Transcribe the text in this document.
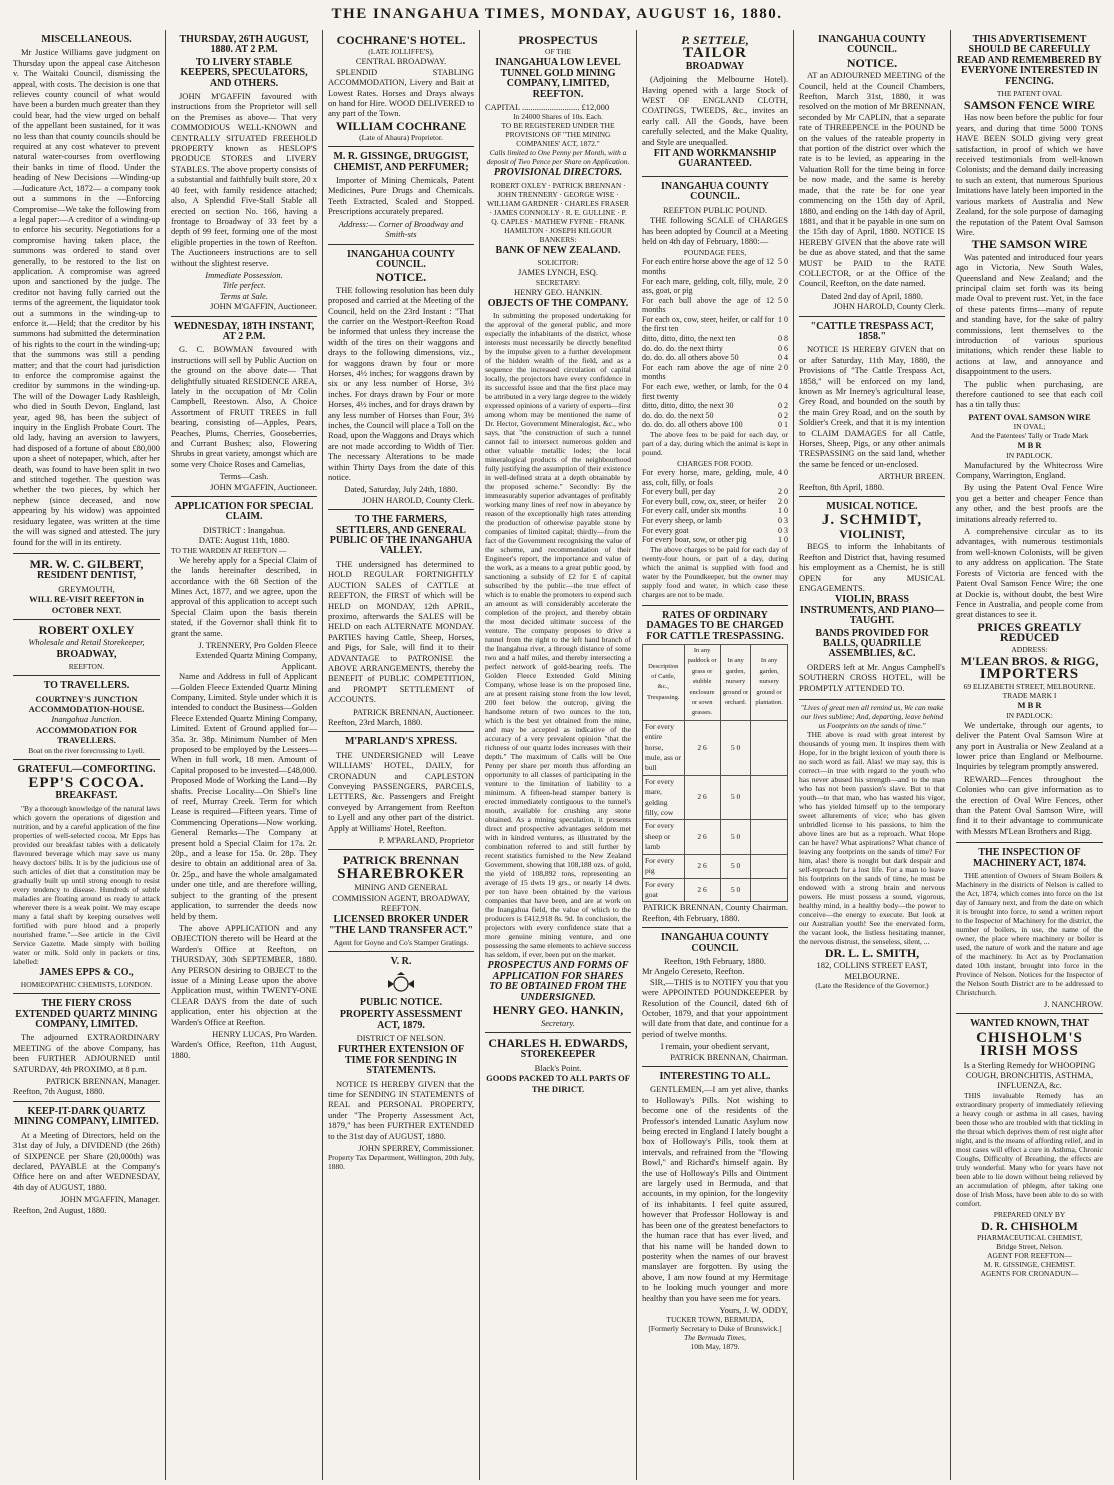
THE INANGAHUA TIMES, MONDAY, AUGUST 16, 1880.
MISCELLANEOUS.

Mr Justice Williams gave judgment on Thursday upon the appeal case Aitcheson v. The Waitaki Council, dismissing the appeal, with costs. The decision is one that relieves county council of what would have been a burden much greater than they could bear, had the view urged on behalf of the appellant been sustained, for it was no less than that county councils should be required at any cost whatever to prevent natural water-courses from overflowing their banks in time of flood. Under the heading of New Decisions —Winding-up—Judicature Act, 1872— a company took out a summons in the —Enforcing Compromise—We take the following from a legal paper:—A creditor of a winding-up to enforce his security. Negotiations for a compromise having taken place, the summons was ordered to stand over generally, to be restored to the list on application. A compromise was agreed upon and sanctioned by the judge. The creditor not having fully carried out the terms of the agreement, the liquidator took out a summons in the winding-up to enforce it.—Held; that the creditor by his summons had submitted the determination of his rights to the court in the winding-up; that the summons was still a pending matter; and that the court had jurisdiction to enforce the compromise against the creditor by summons in the winding-up. The will of the Dowager Lady Rashleigh, who died in South Devon, England, last year, aged 98, has been the subject of inquiry in the English Probate Court. The old lady, having an aversion to lawyers, had disposed of a fortune of about £80,000 upon a sheet of notepaper, which, after her death, was found to have been split in two and stitched together. The question was whether the two pieces, by which her nephew (since deceased, and now appearing by his widow) was appointed residuary legatee, was written at the time the will was signed and attested. The jury found for the will in its entirety.

MR. W. C. GILBERT,
RESIDENT DENTIST,
GREYMOUTH,
WILL RE-VISIT REEFTON in OCTOBER NEXT.
ROBERT OXLEY
Wholesale and Retail Storekeeper,
BROADWAY,
REEFTON.
TO TRAVELLERS.
COURTNEY'S JUNCTION ACCOMMODATION-HOUSE.
Inangahua Junction.
ACCOMMODATION FOR TRAVELLERS.
Boat on the river forecrossing to Lyell.
GRATEFUL—COMFORTING.
EPP'S COCOA.
BREAKFAST.

"By a thorough knowledge of the natural laws which govern the operations of digestion and nutrition, and by a careful application of the fine properties of well-selected cocoa, Mr Epps has provided our breakfast tables with a delicately flavoured beverage which may save us many heavy doctors' bills. It is by the judicious use of such articles of diet that a constitution may be gradually built up until strong enough to resist every tendency to disease. Hundreds of subtle maladies are floating around us ready to attack wherever there is a weak point. We may escape many a fatal shaft by keeping ourselves well fortified with pure blood and a properly nourished frame."—See article in the Civil Service Gazette. Made simply with boiling water or milk. Sold only in packets or tins, labelled:

JAMES EPPS & CO.,
HOMŒOPATHIC CHEMISTS, LONDON.
THE FIERY CROSS EXTENDED QUARTZ MINING COMPANY, LIMITED.

The adjourned EXTRAORDINARY MEETING of the above Company, has been FURTHER ADJOURNED until SATURDAY, 4th PROXIMO, at 8 p.m.

PATRICK BRENNAN, Manager.
Reefton, 7th August, 1880.
KEEP-IT-DARK QUARTZ MINING COMPANY, LIMITED.

At a Meeting of Directors, held on the 31st day of July, a DIVIDEND (the 26th) of SIXPENCE per Share (20,000th) was declared, PAYABLE at the Company's Office here on and after WEDNESDAY, 4th day of AUGUST, 1880.

JOHN M'GAFFIN, Manager.
Reefton, 2nd August, 1880.
THURSDAY, 26TH AUGUST, 1880. AT 2 P.M.
TO LIVERY STABLE KEEPERS, SPECULATORS, AND OTHERS.

JOHN M'GAFFIN favoured with instructions from the Proprietor will sell on the Premises as above— That very COMMODIOUS WELL-KNOWN and CENTRALLY SITUATED FREEHOLD PROPERTY known as HESLOP'S PRODUCE STORES and LIVERY STABLES. The above property consists of a substantial and faithfully built store, 20 x 40 feet, with family residence attached; also, A Splendid Five-Stall Stable all erected on section No. 166, having a frontage to Broadway of 33 feet by a depth of 99 feet, forming one of the most eligible properties in the town of Reefton. The Auctioneers instructions are to sell without the slightest reserve.

Immediate Possession.
Title perfect.
Terms at Sale.
JOHN M'GAFFIN, Auctioneer.
WEDNESDAY, 18TH INSTANT, AT 2 P.M.

G. C. BOWMAN favoured with instructions will sell by Public Auction on the ground on the above date— That delightfully situated RESIDENCE AREA, lately in the occupation of Mr Colin Campbell, Reestown. Also, A Choice Assortment of FRUIT TREES in full bearing, consisting of—Apples, Pears, Peaches, Plums, Cherries, Gooseberries, and Currant Bushes; also, Flowering Shrubs in great variety, amongst which are some very Choice Roses and Camelias,

Terms—Cash.
JOHN M'GAFFIN, Auctioneer.
APPLICATION FOR SPECIAL CLAIM.
DISTRICT : Inangahua.
DATE: August 11th, 1880.
TO THE WARDEN AT REEFTON —

We hereby apply for a Special Claim of the lands hereinafter described, in accordance with the 68 Section of the Mines Act, 1877, and we agree, upon the approval of this application to accept such Special Claim upon the basis therein stated, if the Governor shall think fit to grant the same.

J. TRENNERY, Pro Golden Fleece Extended Quartz Mining Company, Applicant.

Name and Address in full of Applicant—Golden Fleece Extended Quartz Mining Company, Limited. Style under which it is intended to conduct the Business—Golden Fleece Extended Quartz Mining Company, Limited. Extent of Ground applied for—35a. 3r. 38p. Minimum Number of Men proposed to be employed by the Lessees— When in full work, 18 men. Amount of Capital proposed to be invested—£48,000. Proposed Mode of Working the Land—By shafts. Precise Locality—On Shiel's line of reef, Murray Creek. Term for which Lease is required—Fifteen years. Time of Commencing Operations—Now working. General Remarks—The Company at present hold a Special Claim for 17a. 2r. 20p., and a lease for 15a. 0r. 28p. They desire to obtain an additional area of 3a. 0r. 25p., and have the whole amalgamated under one title, and are therefore willing, subject to the granting of the present application, to surrender the deeds now held by them.

The above APPLICATION and any OBJECTION thereto will be Heard at the Warden's Office at Reefton, on THURSDAY, 30th SEPTEMBER, 1880. Any PERSON desiring to OBJECT to the issue of a Mining Lease upon the above Application must, within TWENTY-ONE CLEAR DAYS from the date of such application, enter his objection at the Warden's Office at Reefton.

HENRY LUCAS, Pro Warden.
Warden's Office, Reefton, 11th August, 1880.
COCHRANE'S HOTEL.
(LATE JOLLIFFE'S),
CENTRAL BROADWAY.

SPLENDID STABLING ACCOMMODATION, Livery and Bait at Lowest Rates. Horses and Drays always on hand for Hire. WOOD DELIVERED to any part of the Town.

WILLIAM COCHRANE
(Late of Ahaura) Proprietor.
M. R. GISSINGE, DRUGGIST, CHEMIST, AND PERFUMER;

Importer of Mining Chemicals, Patent Medicines, Pure Drugs and Chemicals. Teeth Extracted, Scaled and Stopped. Prescriptions accurately prepared.

Address:— Corner of Broadway and Smith-sts
INANGAHUA COUNTY COUNCIL.
NOTICE.

THE following resolution has been duly proposed and carried at the Meeting of the Council, held on the 23rd Instant : "That the carrier on the Westport-Reefton Road be informed that unless they increase the width of the tires on their waggons and drays to the following dimensions, viz., for waggons drawn by four or more Horses, 4½ inches; for waggons drawn by six or any less number of Horse, 3½ inches. For drays drawn by Four or more Horses, 4½ inches, and for drays drawn by any less number of Horses than Four, 3½ inches, the Council will place a Toll on the Road, upon the Waggons and Drays which are not made according to Width of Tier. The necessary Alterations to be made within Thirty Days from the date of this notice.

Dated, Saturday, July 24th, 1880.
JOHN HAROLD, County Clerk.
TO THE FARMERS, SETTLERS, AND GENERAL PUBLIC OF THE INANGAHUA VALLEY.

THE undersigned has determined to HOLD REGULAR FORTNIGHTLY AUCTION SALES of CATTLE at REEFTON, the FIRST of which will be HELD on MONDAY, 12th APRIL, proximo, afterwards the SALES will be HELD on each ALTERNATE MONDAY. PARTIES having Cattle, Sheep, Horses, and Pigs, for Sale, will find it to their ADVANTAGE to PATRONISE the ABOVE ARRANGEMENTS, thereby the BENEFIT of PUBLIC COMPETITION, and PROMPT SETTLEMENT of ACCOUNTS.

PATRICK BRENNAN, Auctioneer.
Reefton, 23rd March, 1880.
M'PARLAND'S XPRESS.

THE UNDERSIGNED will Leave WILLIAMS' HOTEL, DAILY, for CRONADUN and CAPLESTON Conveying PASSENGERS, PARCELS, LETTERS, &c. Passengers and Freight conveyed by Arrangement from Reefton to Lyell and any other part of the district. Apply at Williams' Hotel, Reefton.

P. M'PARLAND, Proprietor
PATRICK BRENNAN
SHAREBROKER
MINING AND GENERAL COMMISSION AGENT, BROADWAY, REEFTON.
LICENSED BROKER UNDER "THE LAND TRANSFER ACT."
Agent for Goyne and Co's Stamper Gratings.
V. R.
PUBLIC NOTICE.
PROPERTY ASSESSMENT ACT, 1879.
DISTRICT OF NELSON.
FURTHER EXTENSION OF TIME FOR SENDING IN STATEMENTS.

NOTICE IS HEREBY GIVEN that the time for SENDING IN STATEMENTS of REAL and PERSONAL PROPERTY, under "The Property Assessment Act, 1879," has been FURTHER EXTENDED to the 31st day of AUGUST, 1880.

JOHN SPERREY, Commissioner.
Property Tax Department, Wellington, 20th July, 1880.
PROSPECTUS
OF THE
INANGAHUA LOW LEVEL TUNNEL GOLD MINING COMPANY, LIMITED, REEFTON.
CAPITAL ........................... £12,000
In 24000 Shares of 10s. Each.
TO BE REGISTERED UNDER THE PROVISIONS OF "THE MINING COMPANIES' ACT, 1872."
Calls limited to One Penny per Month, with a deposit of Two Pence per Share on Application.
PROVISIONAL DIRECTORS.
ROBERT OXLEY · PATRICK BRENNAN · JOHN TRENNERY · GEORGE WISE · WILLIAM GARDNER · CHARLES FRASER · JAMES CONNOLLY · R. E. GULLINE · P. Q. CAPLES · MATHEW FYFNE · FRANK HAMILTON · JOSEPH KILGOUR
BANKERS:
BANK OF NEW ZEALAND.
SOLICITOR:
JAMES LYNCH, ESQ.
SECRETARY:
HENRY GEO. HANKIN.
OBJECTS OF THE COMPANY.

In submitting the proposed undertaking for the approval of the general public, and more especially the inhabitants of the district, whose interests must necessarily be directly benefited by the impulse given to a further development of the hidden wealth of the field, and as a sequence the increased circulation of capital locally, the projectors have every confidence in its successful issue and that the first place may be attributed in a very large degree to the widely expressed opinions of a variety of experts—first among whom may be mentioned the name of Dr. Hector, Government Mineralogist, &c., who says, that "the construction of such a tunnel cannot fail to intersect numerous golden and other valuable metallic lodes; the local mineralogical products of the neighbourhood fully justifying the assumption of their existence in well-defined strata at a depth obtainable by the proposed scheme." Secondly: By the immeasurably superior advantages of profitably working many lines of reef now in abeyance by reason of the exceptionally high rates attending the production of otherwise payable stone by companies of limited capital; thirdly—from the fact of the Government recognising the value of the scheme, and recommendation of their Engineer's report, the importance and value of the work, as a means to a great public good, by sanctioning a subsidy of £2 for £ of capital subscribed by the public—the true effect of which is to enable the promoters to expend such an amount as will considerably accelerate the completion of the project, and thereby obtain the most decided ultimate success of the venture. The company proposes to drive a tunnel from the right to the left hand branch of the Inangahua river, a through distance of some two and a half miles, and thereby intersecting a perfect network of gold-bearing reefs. The Golden Fleece Extended Gold Mining Company, whose lease is on the proposed line, are at present raising stone from the low level, 200 feet below the outcrop, giving the handsome return of two ounces to the ton, which is the best yet obtained from the mine, and may be accepted as indicative of the accuracy of a very prevalent opinion "that the richness of our quartz lodes increases with their depth." The maximum of Calls will be One Penny per share per month thus affording an opportunity to all classes of participating in the venture to the limitation of liability to a minimum. A fifteen-head stamper battery is erected immediately contiguous to the tunnel's mouth, available for crushing any stone obtained. As a mining speculation, it presents direct and prospective advantages seldom met with in kindred ventures, as illustrated by the combination referred to and still further by recent statistics furnished to the New Zealand Government, showing that 108,188 ozs. of gold, the yield of 108,892 tons, representing an average of 15 dwts 19 grs., or nearly 14 dwts. per ton have been obtained by the various companies that have been, and are at work on the Inangahua field, the value of which to the producers is £412,918 8s. 9d. In conclusion, the projectors with every confidence state that a more genuine mining venture, and one possessing the same elements to achieve success has seldom, if ever, been put on the market.

PROSPECTUS AND FORMS OF APPLICATION FOR SHARES TO BE OBTAINED FROM THE UNDERSIGNED.
HENRY GEO. HANKIN,
Secretary.
CHARLES H. EDWARDS,
STOREKEEPER
Black's Point.
GOODS PACKED TO ALL PARTS OF THE DIRICT.
P. SETTELE,
TAILOR
BROADWAY

(Adjoining the Melbourne Hotel). Having opened with a large Stock of WEST OF ENGLAND CLOTH, COATINGS, TWEEDS, &c., invites an early call. All the Goods, have been carefully selected, and the Make Quality, and Style are unequalled.

FIT AND WORKMANSHIP GUARANTEED.
INANGAHUA COUNTY COUNCIL.
REEFTON PUBLIC POUND.

THE following SCALE of CHARGES has been adopted by Council at a Meeting held on 4th day of February, 1880:—

POUNDAGE FEES,
For each entire horse above the age of 12 months
5 0
For each mare, gelding, colt, filly, mule, ass, goat, or pig
2 0
For each bull above the age of 12 months
5 0
For each ox, cow, steer, heifer, or calf for the first ten
1 0
ditto, ditto, ditto, the next ten	0 8
do. do. do. the next thirty	0 6
do. do. do. all others above 50	0 4
For each ram above the age of nine months
2 0
For each ewe, wether, or lamb, for the first twenty
0 4
ditto, ditto, ditto, the next 30	0 2
do. do. do. the next 50	0 2
do. do. do. all others above 100	0 1

The above fees to be paid for each day, or part of a day, during which the animal is kept in pound.

CHARGES FOR FOOD.
For every horse, mare, gelding, mule, ass, colt, filly, or foals
4 0
For every bull, per day	2 0
For every bull, cow, ox, steer, or heifer	2 0
For every calf, under six months	1 0
For every sheep, or lamb	0 3
For every goat	0 3
For every boar, sow, or other pig	1 0

The above charges to be paid for each day of twenty-four hours, or part of a day, during which the animal is supplied with food and water by the Poundkeeper, but the owner may supply food and water, in which case these charges are not to be made.

RATES OF ORDINARY DAMAGES TO BE CHARGED FOR CATTLE TRESPASSING.
Description of Cattle, &c., Trespassing.	In any paddock or grass or stubble enclosure or sown grasses.	In any garden, nursery ground or orchard.	In any garden, nursery ground or plantation.
For every entire horse, mule, ass or bull	2 6	5 0	
For every mare, gelding filly, cow	2 6	5 0	
For every sheep or lamb	2 6	5 0	
For every pig	2 6	5 0	
For every goat	2 6	5 0	
PATRICK BRENNAN, County Chairman.
Reefton, 4th February, 1880.
INANGAHUA COUNTY COUNCIL
Reefton, 19th February, 1880.
Mr Angelo Cereseto, Reefton.

SIR,—THIS is to NOTIFY you that you were APPOINTED POUNDKEEPER by Resolution of the Council, dated 6th of October, 1879, and that your appointment will date from that date, and continue for a period of twelve months.

I remain, your obedient servant,
PATRICK BRENNAN, Chairman.
INTERESTING TO ALL.

GENTLEMEN,—I am yet alive, thanks to Holloway's Pills. Not wishing to become one of the residents of the Professor's intended Lunatic Asylum now being erected in England I lately bought a box of Holloway's Pills, took them at intervals, and refrained from the "flowing Bowl," and Richard's himself again. By the use of Holloway's Pills and Ointment are largely used in Bermuda, and that accounts, in my opinion, for the longevity of its inhabitants. I feel quite assured, however that Professor Holloway is and has been one of the greatest benefactors to the human race that has ever lived, and that his name will be handed down to posterity when the names of our bravest manslayer are forgotten. By using the above, I am now found at my Hermitage to be looking much younger and more healthy than you have seen me for years.

Yours, J. W. ODDY,
TUCKER TOWN, BERMUDA,
[Formerly Secretary to Duke of Brunswick.]
The Bermuda Times,
10th May, 1879.
INANGAHUA COUNTY COUNCIL.
NOTICE.

AT an ADJOURNED MEETING of the Council, held at the Council Chambers, Reefton, March 31st, 1880, it was resolved on the motion of Mr BRENNAN, seconded by Mr CAPLIN, that a separate rate of THREEPENCE in the POUND be on the values of the rateable property in that portion of the district over which the rate is to be levied, as appearing in the Valuation Roll for the time being in force be now made, and the same is hereby made, that the rate be for one year commencing on the 15th day of April, 1880, and ending on the 14th day of April, 1881, and that it be payable in one sum on the 15th day of April, 1880. NOTICE IS HEREBY GIVEN that the above rate will be due as above stated, and that the same MUST be PAID to the RATE COLLECTOR, or at the Office of the Council, Reefton, on the date named.

Dated 2nd day of April, 1880.
JOHN HAROLD, County Clerk.
"CATTLE TRESPASS ACT, 1858."

NOTICE IS HEREBY GIVEN that on or after Saturday, 11th May, 1880, the Provisions of "The Cattle Trespass Act, 1858," will be enforced on my land, known as Mr Inerney's agricultural lease, Grey Road, and bounded on the south by the main Grey Road, and on the south by Soldier's Creek, and that it is my intention to CLAIM DAMAGES for all Cattle, Horses, Sheep, Pigs, or any other animals TRESPASSING on the said land, whether the same be fenced or un-enclosed.

ARTHUR BREEN.
Reefton, 8th April, 1880.
MUSICAL NOTICE.
J. SCHMIDT,
VIOLINIST,

BEGS to inform the Inhabitants of Reefton and District that, having resumed his employment as a Chemist, he is still OPEN for any MUSICAL ENGAGEMENTS.

VIOLIN, BRASS INSTRUMENTS, AND PIANO—TAUGHT.
BANDS PROVIDED FOR BALLS, QUADRILLE ASSEMBLIES, &C.

ORDERS left at Mr. Angus Campbell's SOUTHERN CROSS HOTEL, will be PROMPTLY ATTENDED TO.

"Lives of great men all remind us, We can make our lives sublime; And, departing, leave behind us Footprints on the sands of time."

THE above is read with great interest by thousands of young men. It inspires them with Hope, for in the bright lexicon of youth there is no such word as fail. Alas! we may say, this is correct—in true with regard to the youth who has never abused his strength—and to the man who has not been passion's slave. But to that youth—to that man, who has wasted his vigor, who has yielded himself up to the temporary sweet allurements of vice; who has given unbridled license to his passions, to him the above lines are but as a reproach. What Hope can he have? What aspirations? What chance of leaving any footprints on the sands of time? For him, alas! there is nought but dark despair and self-reproach for a lost life. For a man to leave his footprints on the sands of time, he must be endowed with a strong brain and nervous powers. He must possess a sound, vigorous, healthy mind, in a healthy body—the power to conceive—the energy to execute. But look at our Australian youth! See the enervated form, the vacant look, the listless hesitating manner, the nervous distrust, the senseless, silent, ...

DR. L. L. SMITH,
182, COLLINS STREET EAST, MELBOURNE.
(Late the Residence of the Governor.)
THIS ADVERTISEMENT SHOULD BE CAREFULLY READ AND REMEMBERED BY EVERYONE INTERESTED IN FENCING.
THE PATENT OVAL
SAMSON FENCE WIRE

Has now been before the public for four years, and during that time 5000 TONS HAVE BEEN SOLD giving very great satisfaction, in proof of which we have received testimonials from well-known Colonists; and the demand daily increasing to such an extent, that numerous Spurious Imitations have lately been imported in the various markets of Australia and New Zealand, for the sole purpose of damaging the reputation of the Patent Oval Samson Wire.

THE SAMSON WIRE

Was patented and introduced four years ago in Victoria, New South Wales, Queensland and New Zealand; and the principal claim set forth was its being made Oval to prevent rust. Yet, in the face of these patents firms—many of repute and standing have, for the sake of paltry commissions, lent themselves to the introduction of various spurious imitations, which render these liable to actions at law, and annoyance and disappointment to the users.

The public when purchasing, are therefore cautioned to see that each coil has a tin tally thus:

PATENT OVAL SAMSON WIRE
IN OVAL;
And the Patentees' Tally or Trade Mark
M B R
IN PADLOCK.

Manufactured by the Whitecross Wire Company, Warrington, England.

By using the Patent Oval Fence Wire you get a better and cheaper Fence than any other, and the best proofs are the imitations already referred to.

A comprehensive circular as to its advantages, with numerous testimonials from well-known Colonists, will be given to any address on application. The State Forests of Victoria are fenced with the Patent Oval Samson Fence Wire; the one at Dockie is, without doubt, the best Wire Fence in Australia, and people come from great distances to see it.

PRICES GREATLY REDUCED
ADDRESS:
M'LEAN BROS. & RIGG,
IMPORTERS
69 ELIZABETH STREET, MELBOURNE.
TRADE MARK I
M B R
IN PADLOCK:

We undertake, through our agents, to deliver the Patent Oval Samson Wire at any port in Australia or New Zealand at a lower price than England or Melbourne. Inquiries by telegram promptly answered.

REWARD—Fences throughout the Colonies who can give information as to the erection of Oval Wire Fences, other than the Patent Oval Samson Wire, will find it to their advantage to communicate with Messrs M'Lean Brothers and Rigg.

THE INSPECTION OF MACHINERY ACT, 1874.

THE attention of Owners of Steam Boilers & Machinery in the districts of Nelson is called to the Act, 1874, which comes into force on the 1st day of January next, and from the date on which it is brought into force, to send a written report to the Inspector of Machinery for the district, the number of boilers, in use, the name of the owner, the place where machinery or boiler is used, the nature of work and the nature and age of the machinery. In Act as by Proclamation dated 10th instant, brought into force in the Province of Nelson. Notices for the Inspector of the Nelson South District are to be addressed to Christchurch.

J. NANCHROW.
WANTED KNOWN, THAT
CHISHOLM'S
IRISH MOSS
Is a Sterling Remedy for WHOOPING COUGH, BRONCHITIS, ASTHMA, INFLUENZA, &c.

THIS invaluable Remedy has an extraordinary property of immediately relieving a heavy cough or asthma in all cases, having been those who are troubled with that tickling in the throat which deprives them of rest night after night, and is the means of affording relief, and in most cases will effect a cure in Asthma, Chronic Coughs, Difficulty of Breathing, the effects are truly wonderful. Many who for years have not been able to lie down without being relieved by an accumulation of phlegm, after taking one dose of Irish Moss, have been able to do so with comfort.

PREPARED ONLY BY
D. R. CHISHOLM
PHARMACEUTICAL CHEMIST,
Bridge Street, Nelson.
AGENT FOR REEFTON—
M. R. GISSINGE, CHEMIST.
AGENTS FOR CRONADUN—
